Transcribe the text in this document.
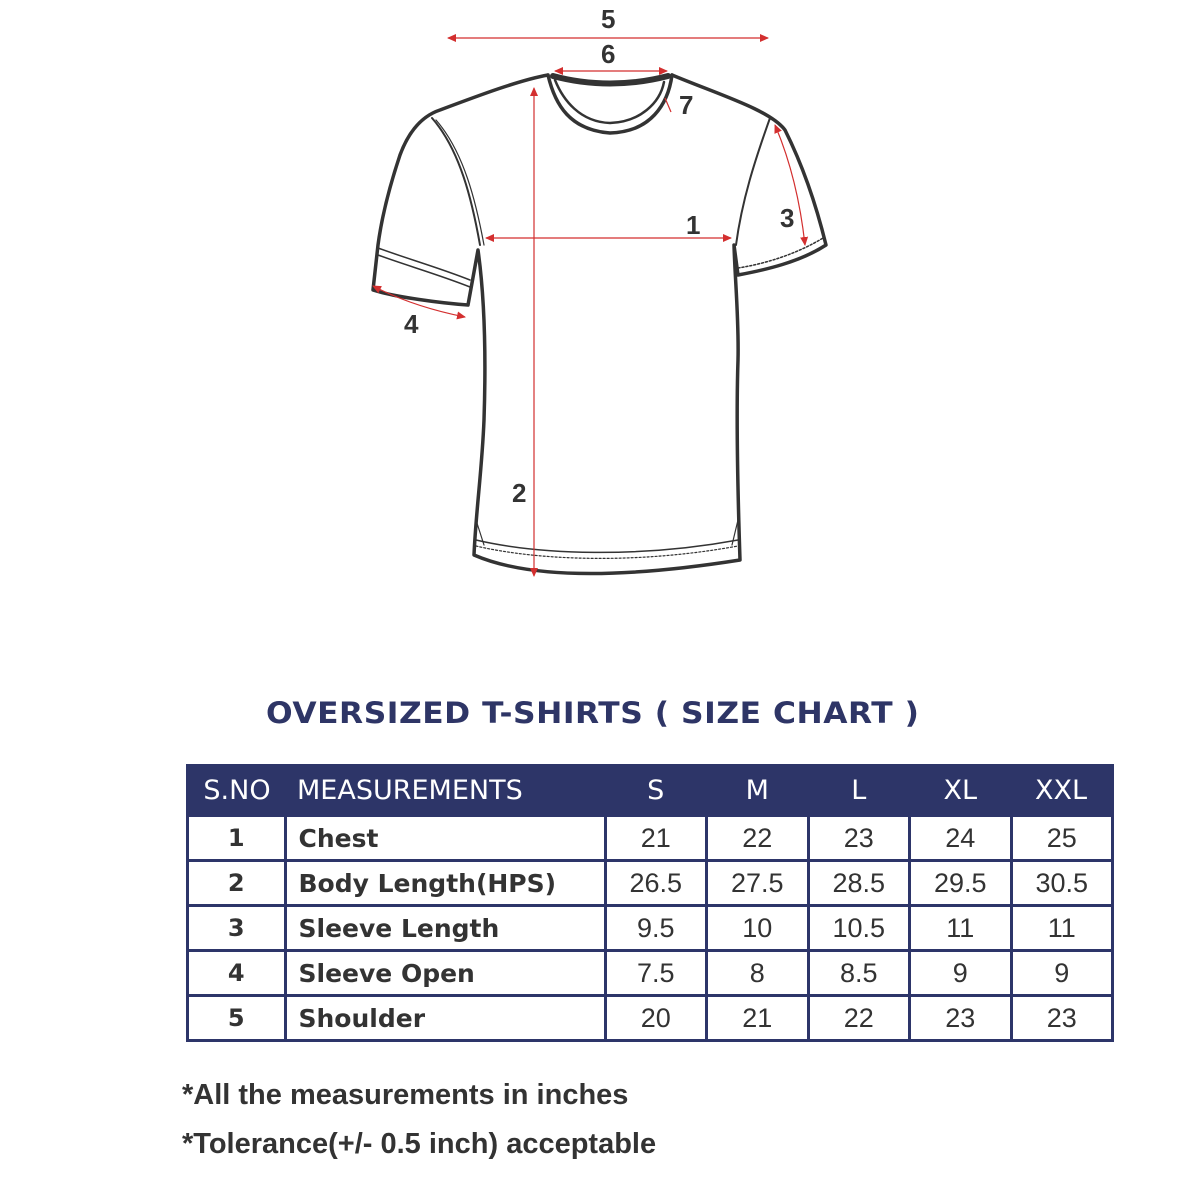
5
6
7
1	3
4
2
OVERSIZED T-SHIRTS ( SIZE CHART )
S.NO	MEASUREMENTS	S	M	L	XL	XXL
1	Chest	21	22	23	24	25
2	Body Length(HPS)	26.5	27.5	28.5	29.5	30.5
3	Sleeve Length	9.5	10	10.5	11	11
4	Sleeve Open	7.5	8	8.5	9	9
5	Shoulder	20	21	22	23	23
*All the measurements in inches
*Tolerance(+/- 0.5 inch) acceptable
